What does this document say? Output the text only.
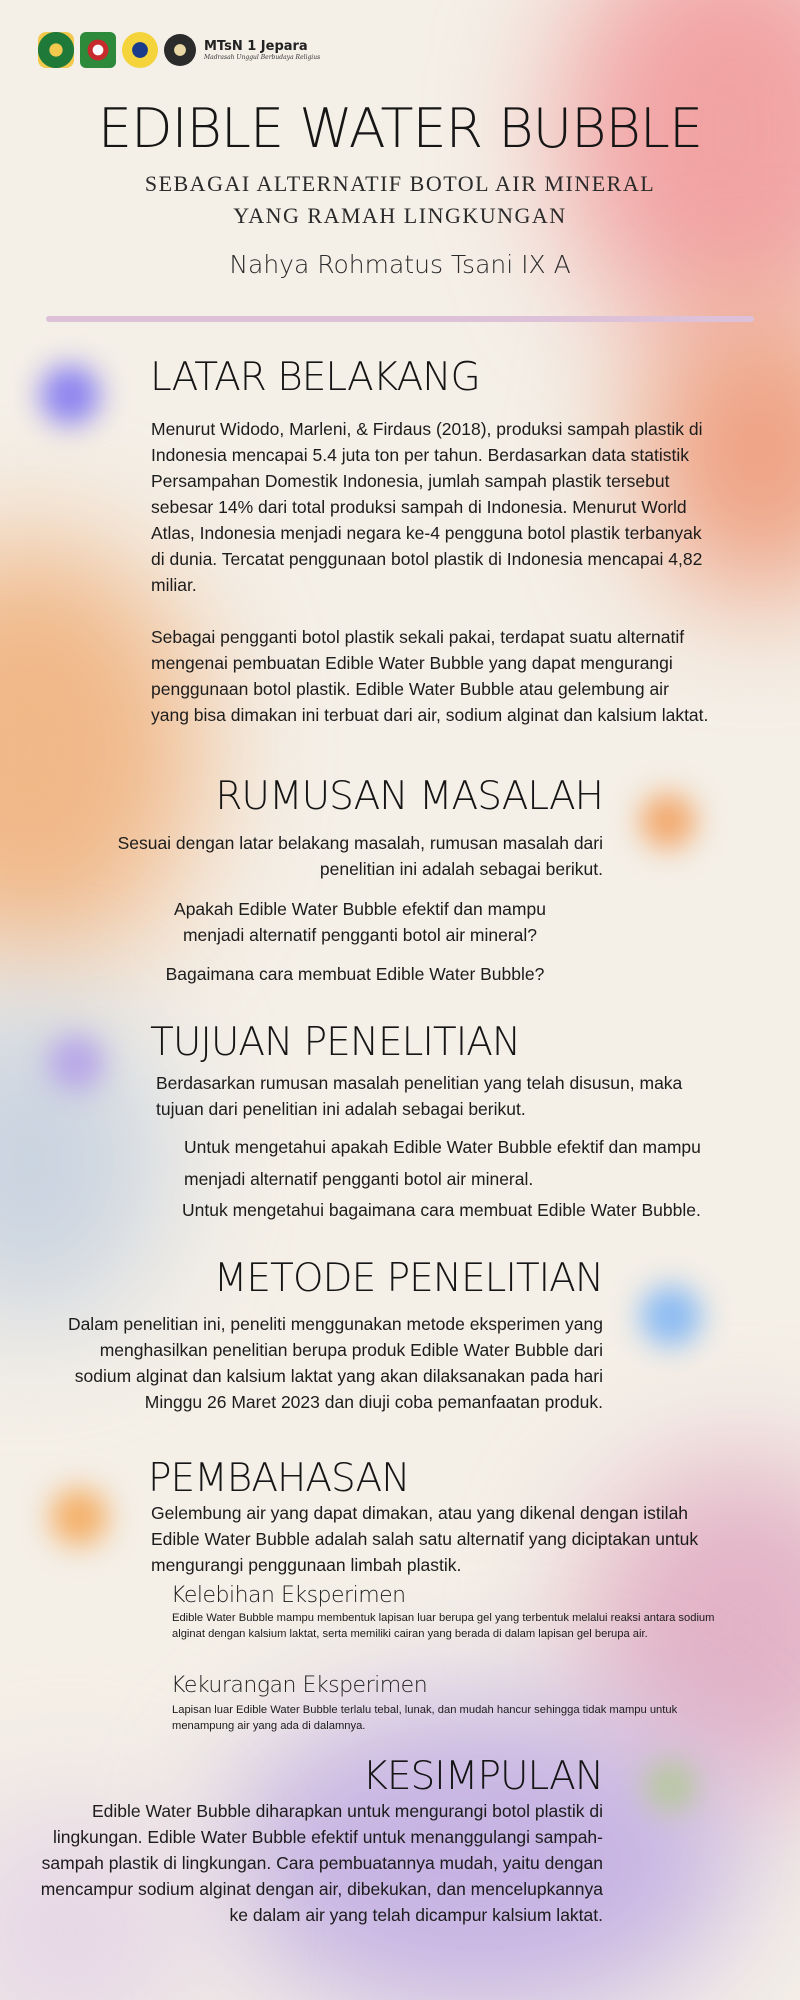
MTsN 1 Jepara
Madrasah Unggul Berbudaya Religius
EDIBLE WATER BUBBLE

SEBAGAI ALTERNATIF BOTOL AIR MINERAL
YANG RAMAH LINGKUNGAN

Nahya Rohmatus Tsani IX A

LATAR BELAKANG

Menurut Widodo, Marleni, & Firdaus (2018), produksi sampah plastik di Indonesia mencapai 5.4 juta ton per tahun. Berdasarkan data statistik Persampahan Domestik Indonesia, jumlah sampah plastik tersebut sebesar 14% dari total produksi sampah di Indonesia. Menurut World Atlas, Indonesia menjadi negara ke-4 pengguna botol plastik terbanyak di dunia. Tercatat penggunaan botol plastik di Indonesia mencapai 4,82 miliar.

Sebagai pengganti botol plastik sekali pakai, terdapat suatu alternatif mengenai pembuatan Edible Water Bubble yang dapat mengurangi penggunaan botol plastik. Edible Water Bubble atau gelembung air yang bisa dimakan ini terbuat dari air, sodium alginat dan kalsium laktat.

RUMUSAN MASALAH

Sesuai dengan latar belakang masalah, rumusan masalah dari penelitian ini adalah sebagai berikut.

Apakah Edible Water Bubble efektif dan mampu menjadi alternatif pengganti botol air mineral?

Bagaimana cara membuat Edible Water Bubble?

TUJUAN PENELITIAN

Berdasarkan rumusan masalah penelitian yang telah disusun, maka tujuan dari penelitian ini adalah sebagai berikut.

Untuk mengetahui apakah Edible Water Bubble efektif dan mampu menjadi alternatif pengganti botol air mineral.

Untuk mengetahui bagaimana cara membuat Edible Water Bubble.

METODE PENELITIAN

Dalam penelitian ini, peneliti menggunakan metode eksperimen yang menghasilkan penelitian berupa produk Edible Water Bubble dari sodium alginat dan kalsium laktat yang akan dilaksanakan pada hari Minggu 26 Maret 2023 dan diuji coba pemanfaatan produk.

PEMBAHASAN

Gelembung air yang dapat dimakan, atau yang dikenal dengan istilah Edible Water Bubble adalah salah satu alternatif yang diciptakan untuk mengurangi penggunaan limbah plastik.

Kelebihan Eksperimen

Edible Water Bubble mampu membentuk lapisan luar berupa gel yang terbentuk melalui reaksi antara sodium alginat dengan kalsium laktat, serta memiliki cairan yang berada di dalam lapisan gel berupa air.

Kekurangan Eksperimen

Lapisan luar Edible Water Bubble terlalu tebal, lunak, dan mudah hancur sehingga tidak mampu untuk menampung air yang ada di dalamnya.

KESIMPULAN

Edible Water Bubble diharapkan untuk mengurangi botol plastik di lingkungan. Edible Water Bubble efektif untuk menanggulangi sampah-sampah plastik di lingkungan. Cara pembuatannya mudah, yaitu dengan mencampur sodium alginat dengan air, dibekukan, dan mencelupkannya ke dalam air yang telah dicampur kalsium laktat.
